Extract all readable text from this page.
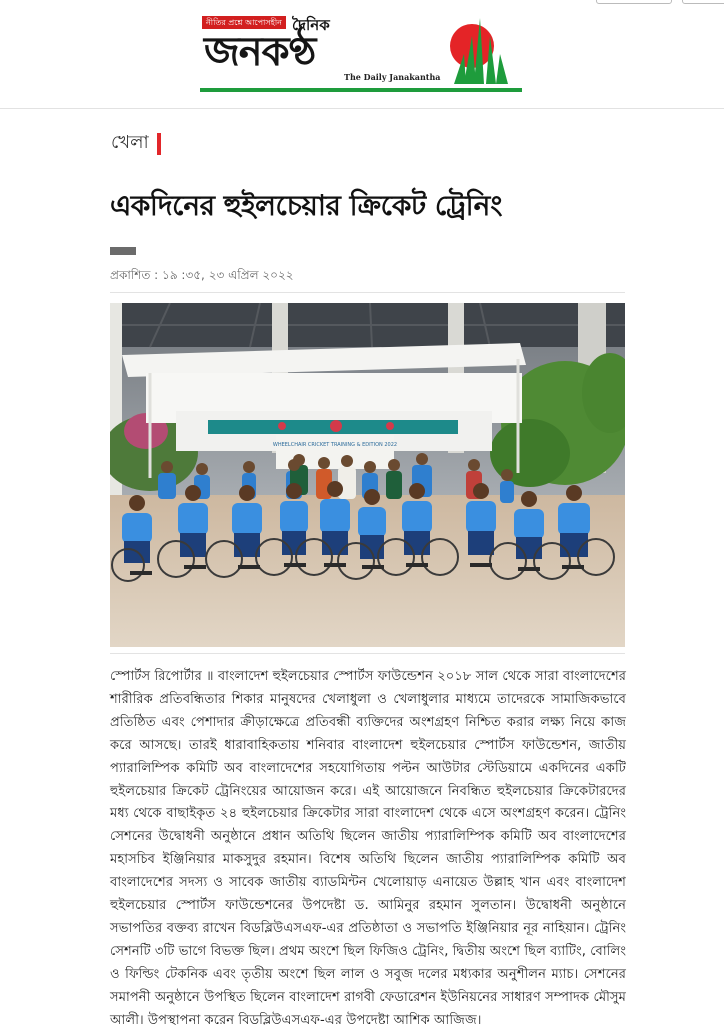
নীতির প্রশ্নে আপোসহীন দৈনিক
জনকণ্ঠ
The Daily Janakantha
খেলা
একদিনের হুইলচেয়ার ক্রিকেট ট্রেনিং
প্রকাশিত : ১৯ :৩৫, ২৩ এপ্রিল ২০২২
WHEELCHAIR CRICKET TRAINING & EDITION 2022

স্পোর্টস রিপোর্টার ॥ বাংলাদেশ হুইলচেয়ার স্পোর্টস ফাউন্ডেশন ২০১৮ সাল থেকে সারা বাংলাদেশের শারীরিক প্রতিবন্ধিতার শিকার মানুষদের খেলাধুলা ও খেলাধুলার মাধ্যমে তাদেরকে সামাজিকভাবে প্রতিষ্ঠিত এবং পেশাদার ক্রীড়াক্ষেত্রে প্রতিবন্ধী ব্যক্তিদের অংশগ্রহণ নিশ্চিত করার লক্ষ্য নিয়ে কাজ করে আসছে। তারই ধারাবাহিকতায় শনিবার বাংলাদেশ হুইলচেয়ার স্পোর্টস ফাউন্ডেশন, জাতীয় প্যারালিম্পিক কমিটি অব বাংলাদেশের সহযোগিতায় পল্টন আউটার স্টেডিয়ামে একদিনের একটি হুইলচেয়ার ক্রিকেট ট্রেনিংয়ের আয়োজন করে। এই আয়োজনে নিবন্ধিত হুইলচেয়ার ক্রিকেটারদের মধ্য থেকে বাছাইকৃত ২৪ হুইলচেয়ার ক্রিকেটার সারা বাংলাদেশ থেকে এসে অংশগ্রহণ করেন। ট্রেনিং সেশনের উদ্বোধনী অনুষ্ঠানে প্রধান অতিথি ছিলেন জাতীয় প্যারালিম্পিক কমিটি অব বাংলাদেশের মহাসচিব ইঞ্জিনিয়ার মাকসুদুর রহমান। বিশেষ অতিথি ছিলেন জাতীয় প্যারালিম্পিক কমিটি অব বাংলাদেশের সদস্য ও সাবেক জাতীয় ব্যাডমিন্টন খেলোয়াড় এনায়েত উল্লাহ খান এবং বাংলাদেশ হুইলচেয়ার স্পোর্টস ফাউন্ডেশনের উপদেষ্টা ড. আমিনুর রহমান সুলতান। উদ্বোধনী অনুষ্ঠানে সভাপতির বক্তব্য রাখেন বিডব্লিউএসএফ-এর প্রতিষ্ঠাতা ও সভাপতি ইঞ্জিনিয়ার নূর নাহিয়ান। ট্রেনিং সেশনটি ৩টি ভাগে বিভক্ত ছিল। প্রথম অংশে ছিল ফিজিও ট্রেনিং, দ্বিতীয় অংশে ছিল ব্যাটিং, বোলিং ও ফিল্ডিং টেকনিক এবং তৃতীয় অংশে ছিল লাল ও সবুজ দলের মধ্যকার অনুশীলন ম্যাচ। সেশনের সমাপনী অনুষ্ঠানে উপস্থিত ছিলেন বাংলাদেশ রাগবী ফেডারেশন ইউনিয়নের সাধারণ সম্পাদক মৌসুম আলী। উপস্থাপনা করেন বিডব্লিউএসএফ-এর উপদেষ্টা আশিক আজিজ।
